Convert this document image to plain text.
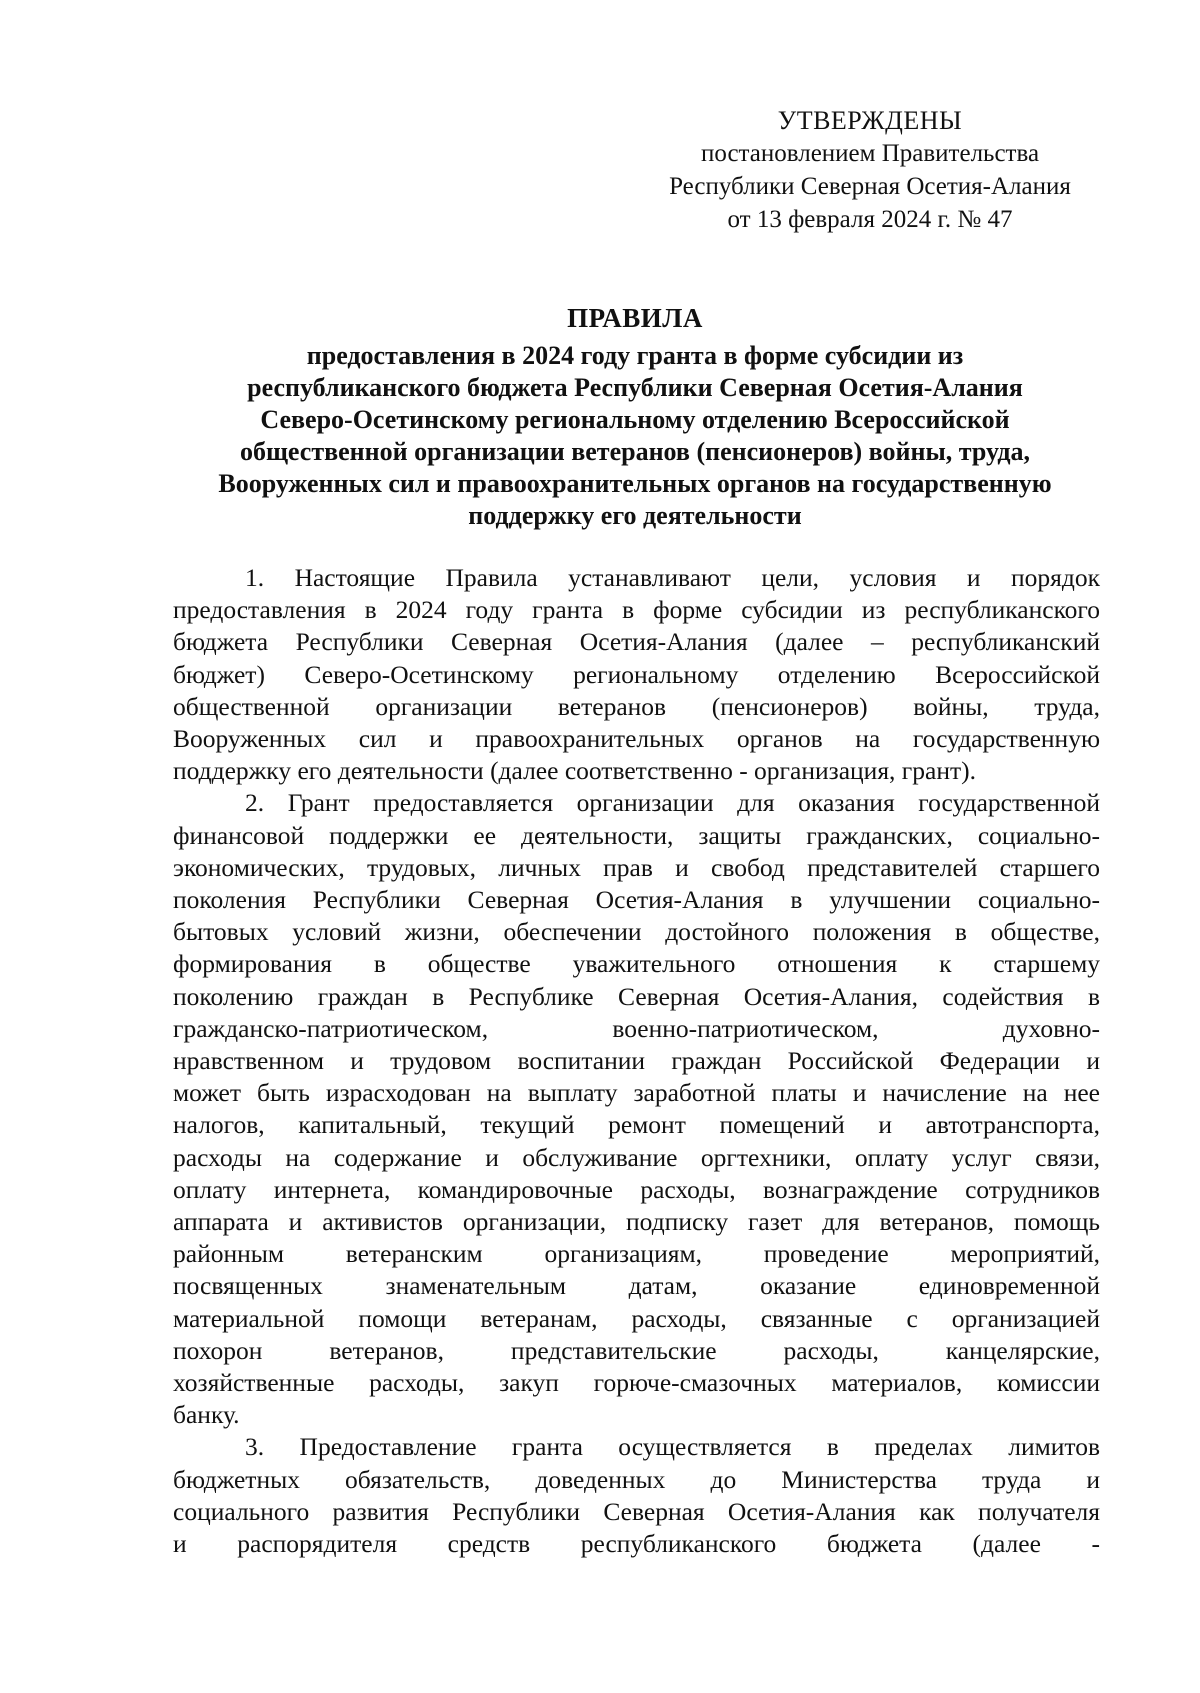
УТВЕРЖДЕНЫ
постановлением Правительства
Республики Северная Осетия-Алания
от 13 февраля 2024 г. № 47
ПРАВИЛА
предоставления в 2024 году гранта в форме субсидии из
республиканского бюджета Республики Северная Осетия-Алания
Северо-Осетинскому региональному отделению Всероссийской
общественной организации ветеранов (пенсионеров) войны, труда,
Вооруженных сил и правоохранительных органов на государственную
поддержку его деятельности

1. Настоящие Правила устанавливают цели, условия и порядок
предоставления в 2024 году гранта в форме субсидии из республиканского
бюджета Республики Северная Осетия-Алания (далее – республиканский
бюджет) Северо-Осетинскому региональному отделению Всероссийской
общественной организации ветеранов (пенсионеров) войны, труда,
Вооруженных сил и правоохранительных органов на государственную
поддержку его деятельности (далее соответственно - организация, грант).

2. Грант предоставляется организации для оказания государственной
финансовой поддержки ее деятельности, защиты гражданских, социально-
экономических, трудовых, личных прав и свобод представителей старшего
поколения Республики Северная Осетия-Алания в улучшении социально-
бытовых условий жизни, обеспечении достойного положения в обществе,
формирования в обществе уважительного отношения к старшему
поколению граждан в Республике Северная Осетия-Алания, содействия в
гражданско-патриотическом, военно-патриотическом, духовно-
нравственном и трудовом воспитании граждан Российской Федерации и
может быть израсходован на выплату заработной платы и начисление на нее
налогов, капитальный, текущий ремонт помещений и автотранспорта,
расходы на содержание и обслуживание оргтехники, оплату услуг связи,
оплату интернета, командировочные расходы, вознаграждение сотрудников
аппарата и активистов организации, подписку газет для ветеранов, помощь
районным ветеранским организациям, проведение мероприятий,
посвященных знаменательным датам, оказание единовременной
материальной помощи ветеранам, расходы, связанные с организацией
похорон ветеранов, представительские расходы, канцелярские,
хозяйственные расходы, закуп горюче-смазочных материалов, комиссии
банку.

3. Предоставление гранта осуществляется в пределах лимитов
бюджетных обязательств, доведенных до Министерства труда и
социального развития Республики Северная Осетия-Алания как получателя
и распорядителя средств республиканского бюджета (далее -
